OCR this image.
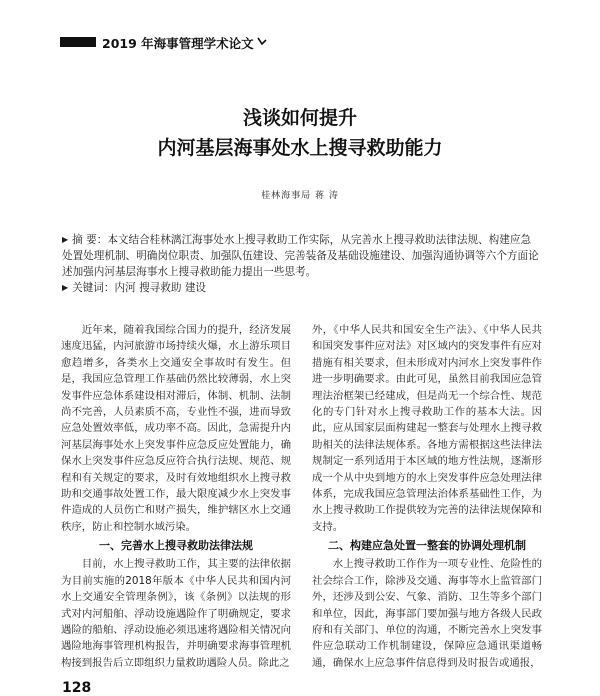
2019 年海事管理学术论文
浅谈如何提升
内河基层海事处水上搜寻救助能力
桂林海事局 蒋 涛

▶ 摘 要：本文结合桂林漓江海事处水上搜寻救助工作实际，从完善水上搜寻救助法律法规、构建应急处置处理机制、明确岗位职责、加强队伍建设、完善装备及基础设施建设、加强沟通协调等六个方面论述加强内河基层海事水上搜寻救助能力提出一些思考。

▶ 关键词：内河 搜寻救助 建设

近年来，随着我国综合国力的提升，经济发展速度迅猛，内河旅游市场持续火爆，水上游乐项目愈趋增多，各类水上交通安全事故时有发生。但是，我国应急管理工作基础仍然比较薄弱，水上突发事件应急体系建设相对滞后，体制、机制、法制尚不完善，人员素质不高，专业性不强，进而导致应急处置效率低，成功率不高。因此，急需提升内河基层海事处水上突发事件应急反应处置能力，确保水上突发事件应急反应符合执行法规、规范、规程和有关规定的要求，及时有效地组织水上搜寻救助和交通事故处置工作，最大限度减少水上突发事件造成的人员伤亡和财产损失，维护辖区水上交通秩序，防止和控制水域污染。

一、完善水上搜寻救助法律法规

目前，水上搜寻救助工作，其主要的法律依据为目前实施的2018年版本《中华人民共和国内河水上交通安全管理条例》，该《条例》以法规的形式对内河船舶、浮动设施遇险作了明确规定，要求遇险的船舶、浮动设施必须迅速将遇险相关情况向遇险地海事管理机构报告，并明确要求海事管理机构接到报告后立即组织力量救助遇险人员。除此之

外，《中华人民共和国安全生产法》、《中华人民共和国突发事件应对法》对区域内的突发事件有应对措施有相关要求，但未形成对内河水上突发事件作进一步明确要求。由此可见，虽然目前我国应急管理法治框架已经建成，但是尚无一个综合性、规范化的专门针对水上搜寻救助工作的基本大法。因此，应从国家层面构建起一整套与处理水上搜寻救助相关的法律法规体系。各地方需根据这些法律法规制定一系列适用于本区域的地方性法规，逐渐形成一个从中央到地方的水上突发事件应急处理法律体系，完成我国应急管理法治体系基础性工作，为水上搜寻救助工作提供较为完善的法律法规保障和支持。

二、构建应急处置一整套的协调处理机制

水上搜寻救助工作作为一项专业性、危险性的社会综合工作，除涉及交通、海事等水上监管部门外，还涉及到公安、气象、消防、卫生等多个部门和单位，因此，海事部门要加强与地方各级人民政府和有关部门、单位的沟通，不断完善水上突发事件应急联动工作机制建设，保障应急通讯渠道畅通，确保水上应急事件信息得到及时报告或通报，

128
